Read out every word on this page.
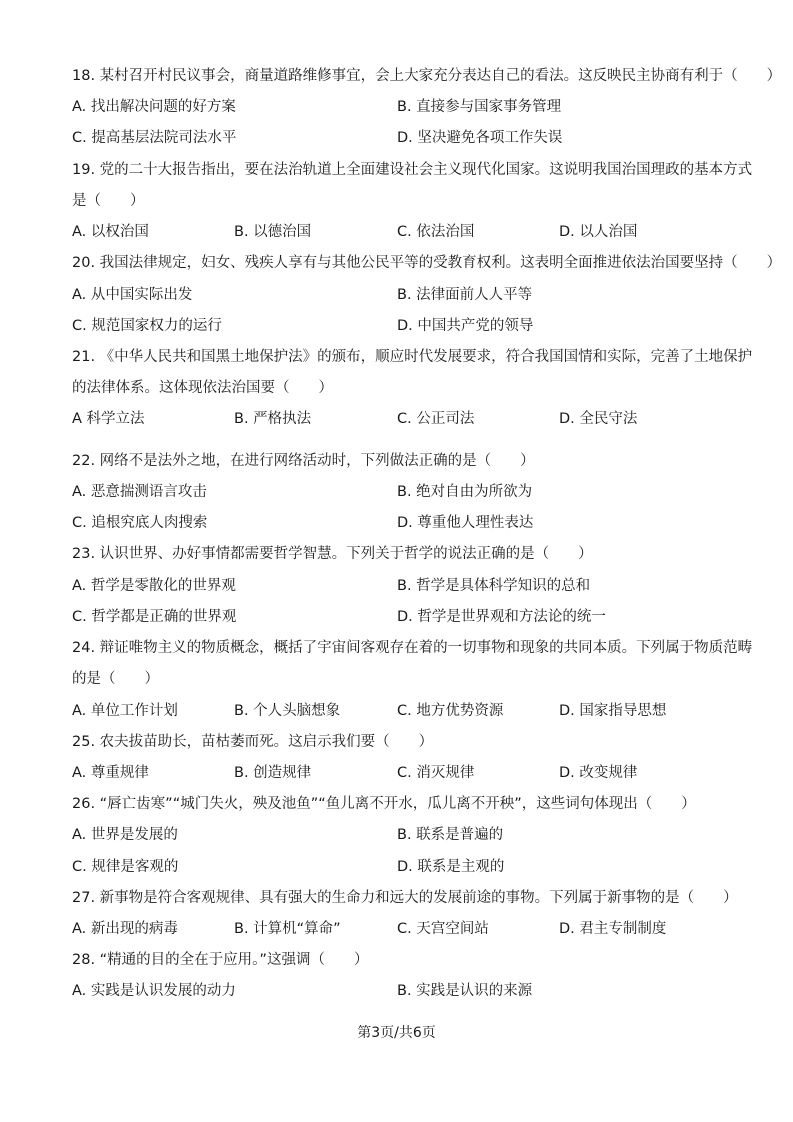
18. 某村召开村民议事会，商量道路维修事宜，会上大家充分表达自己的看法。这反映民主协商有利于（　　）
A. 找出解决问题的好方案	B. 直接参与国家事务管理
C. 提高基层法院司法水平	D. 坚决避免各项工作失误
19. 党的二十大报告指出，要在法治轨道上全面建设社会主义现代化国家。这说明我国治国理政的基本方式
是（　　）
A. 以权治国	B. 以德治国	C. 依法治国	D. 以人治国
20. 我国法律规定，妇女、残疾人享有与其他公民平等的受教育权利。这表明全面推进依法治国要坚持（　　）
A. 从中国实际出发	B. 法律面前人人平等
C. 规范国家权力的运行	D. 中国共产党的领导
21. 《中华人民共和国黑土地保护法》的颁布，顺应时代发展要求，符合我国国情和实际，完善了土地保护
的法律体系。这体现依法治国要（　　）
A 科学立法	B. 严格执法	C. 公正司法	D. 全民守法
22. 网络不是法外之地，在进行网络活动时，下列做法正确的是（　　）
A. 恶意揣测语言攻击	B. 绝对自由为所欲为
C. 追根究底人肉搜索	D. 尊重他人理性表达
23. 认识世界、办好事情都需要哲学智慧。下列关于哲学的说法正确的是（　　）
A. 哲学是零散化的世界观	B. 哲学是具体科学知识的总和
C. 哲学都是正确的世界观	D. 哲学是世界观和方法论的统一
24. 辩证唯物主义的物质概念，概括了宇宙间客观存在着的一切事物和现象的共同本质。下列属于物质范畴
的是（　　）
A. 单位工作计划	B. 个人头脑想象	C. 地方优势资源	D. 国家指导思想
25. 农夫拔苗助长，苗枯萎而死。这启示我们要（　　）
A. 尊重规律	B. 创造规律	C. 消灭规律	D. 改变规律
26. “唇亡齿寒”“城门失火，殃及池鱼”“鱼儿离不开水，瓜儿离不开秧”，这些词句体现出（　　）
A. 世界是发展的	B. 联系是普遍的
C. 规律是客观的	D. 联系是主观的
27. 新事物是符合客观规律、具有强大的生命力和远大的发展前途的事物。下列属于新事物的是（　　）
A. 新出现的病毒	B. 计算机“算命”	C. 天宫空间站	D. 君主专制制度
28. “精通的目的全在于应用。”这强调（　　）
A. 实践是认识发展的动力	B. 实践是认识的来源
第3页/共6页
